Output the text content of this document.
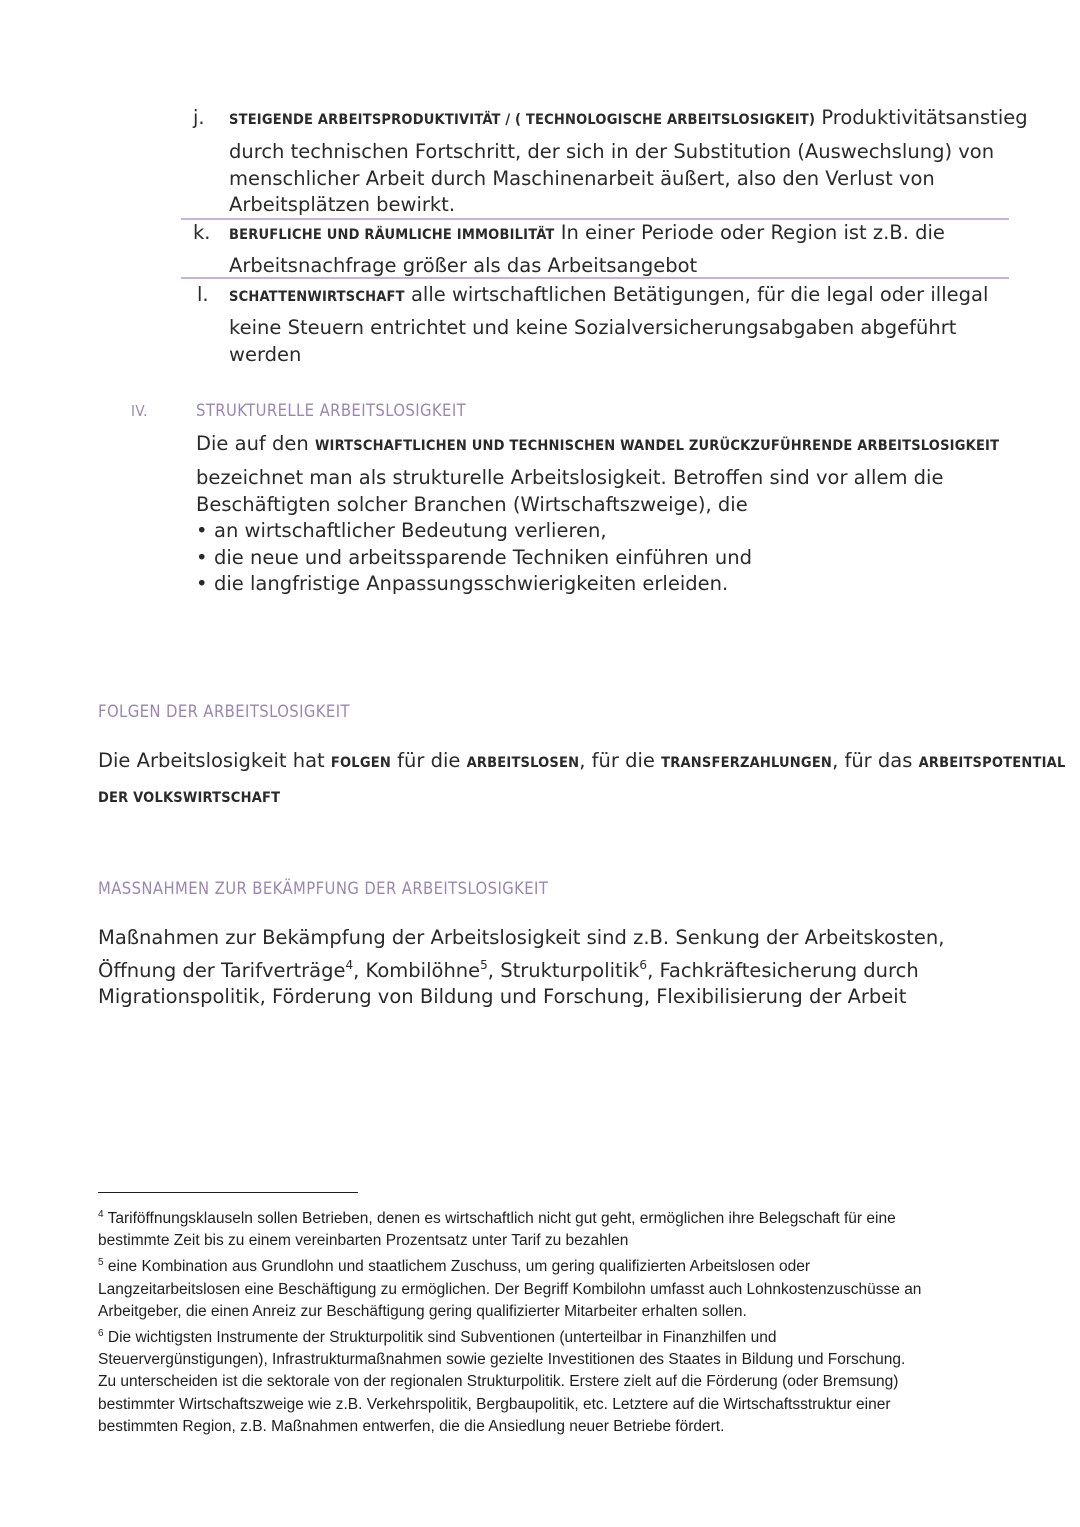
j. STEIGENDE ARBEITSPRODUKTIVITÄT / ( TECHNOLOGISCHE ARBEITSLOSIGKEIT) Produktivitätsanstieg
durch technischen Fortschritt, der sich in der Substitution (Auswechslung) von
menschlicher Arbeit durch Maschinenarbeit äußert, also den Verlust von
Arbeitsplätzen bewirkt.
k. BERUFLICHE UND RÄUMLICHE IMMOBILITÄT In einer Periode oder Region ist z.B. die
Arbeitsnachfrage größer als das Arbeitsangebot
l. SCHATTENWIRTSCHAFT alle wirtschaftlichen Betätigungen, für die legal oder illegal
keine Steuern entrichtet und keine Sozialversicherungsabgaben abgeführt
werden
IV.	STRUKTURELLE ARBEITSLOSIGKEIT
Die auf den WIRTSCHAFTLICHEN UND TECHNISCHEN WANDEL ZURÜCKZUFÜHRENDE ARBEITSLOSIGKEIT
bezeichnet man als strukturelle Arbeitslosigkeit. Betroffen sind vor allem die
Beschäftigten solcher Branchen (Wirtschaftszweige), die
• an wirtschaftlicher Bedeutung verlieren,
• die neue und arbeitssparende Techniken einführen und
• die langfristige Anpassungsschwierigkeiten erleiden.
FOLGEN DER ARBEITSLOSIGKEIT
Die Arbeitslosigkeit hat FOLGEN für die ARBEITSLOSEN, für die TRANSFERZAHLUNGEN, für das ARBEITSPOTENTIAL
DER VOLKSWIRTSCHAFT
MASSNAHMEN ZUR BEKÄMPFUNG DER ARBEITSLOSIGKEIT
Maßnahmen zur Bekämpfung der Arbeitslosigkeit sind z.B. Senkung der Arbeitskosten,
Öffnung der Tarifverträge$^4$, Kombilöhne$^5$, Strukturpolitik$^6$, Fachkräftesicherung durch
Migrationspolitik, Förderung von Bildung und Forschung, Flexibilisierung der Arbeit
$^4$ Tariföffnungsklauseln sollen Betrieben, denen es wirtschaftlich nicht gut geht, ermöglichen ihre Belegschaft für eine
bestimmte Zeit bis zu einem vereinbarten Prozentsatz unter Tarif zu bezahlen
$^5$ eine Kombination aus Grundlohn und staatlichem Zuschuss, um gering qualifizierten Arbeitslosen oder
Langzeitarbeitslosen eine Beschäftigung zu ermöglichen. Der Begriff Kombilohn umfasst auch Lohnkostenzuschüsse an
Arbeitgeber, die einen Anreiz zur Beschäftigung gering qualifizierter Mitarbeiter erhalten sollen.
$^6$ Die wichtigsten Instrumente der Strukturpolitik sind Subventionen (unterteilbar in Finanzhilfen und
Steuervergünstigungen), Infrastrukturmaßnahmen sowie gezielte Investitionen des Staates in Bildung und Forschung.
Zu unterscheiden ist die sektorale von der regionalen Strukturpolitik. Erstere zielt auf die Förderung (oder Bremsung)
bestimmter Wirtschaftszweige wie z.B. Verkehrspolitik, Bergbaupolitik, etc. Letztere auf die Wirtschaftsstruktur einer
bestimmten Region, z.B. Maßnahmen entwerfen, die die Ansiedlung neuer Betriebe fördert.
